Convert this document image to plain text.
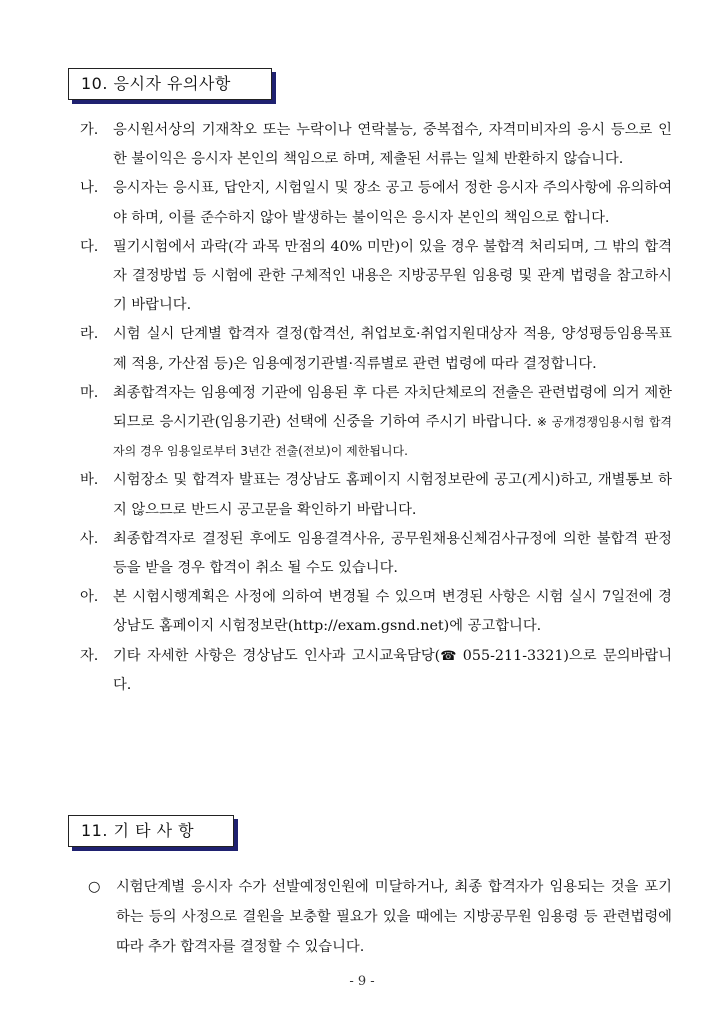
10. 응시자 유의사항
가.	응시원서상의 기재착오 또는 누락이나 연락불능, 중복접수, 자격미비자의 응시 등으로 인한 불이익은 응시자 본인의 책임으로 하며, 제출된 서류는 일체 반환하지 않습니다.
나.	응시자는 응시표, 답안지, 시험일시 및 장소 공고 등에서 정한 응시자 주의사항에 유의하여야 하며, 이를 준수하지 않아 발생하는 불이익은 응시자 본인의 책임으로 합니다.
다.	필기시험에서 과락(각 과목 만점의 40% 미만)이 있을 경우 불합격 처리되며, 그 밖의 합격자 결정방법 등 시험에 관한 구체적인 내용은 지방공무원 임용령 및 관계 법령을 참고하시기 바랍니다.
라.	시험 실시 단계별 합격자 결정(합격선, 취업보호·취업지원대상자 적용, 양성평등임용목표제 적용, 가산점 등)은 임용예정기관별·직류별로 관련 법령에 따라 결정합니다.
마.	최종합격자는 임용예정 기관에 임용된 후 다른 자치단체로의 전출은 관련법령에 의거 제한되므로 응시기관(임용기관) 선택에 신중을 기하여 주시기 바랍니다. ※ 공개경쟁임용시험 합격자의 경우 임용일로부터 3년간 전출(전보)이 제한됩니다.
바.	시험장소 및 합격자 발표는 경상남도 홈페이지 시험정보란에 공고(게시)하고, 개별통보 하지 않으므로 반드시 공고문을 확인하기 바랍니다.
사.	최종합격자로 결정된 후에도 임용결격사유, 공무원채용신체검사규정에 의한 불합격 판정 등을 받을 경우 합격이 취소 될 수도 있습니다.
아.	본 시험시행계획은 사정에 의하여 변경될 수 있으며 변경된 사항은 시험 실시 7일전에 경상남도 홈페이지 시험정보란(http://exam.gsnd.net)에 공고합니다.
자.	기타 자세한 사항은 경상남도 인사과 고시교육담당(☎ 055-211-3321)으로 문의바랍니다.
11. 기 타 사 항
○	시험단계별 응시자 수가 선발예정인원에 미달하거나, 최종 합격자가 임용되는 것을 포기하는 등의 사정으로 결원을 보충할 필요가 있을 때에는 지방공무원 임용령 등 관련법령에 따라 추가 합격자를 결정할 수 있습니다.
- 9 -
